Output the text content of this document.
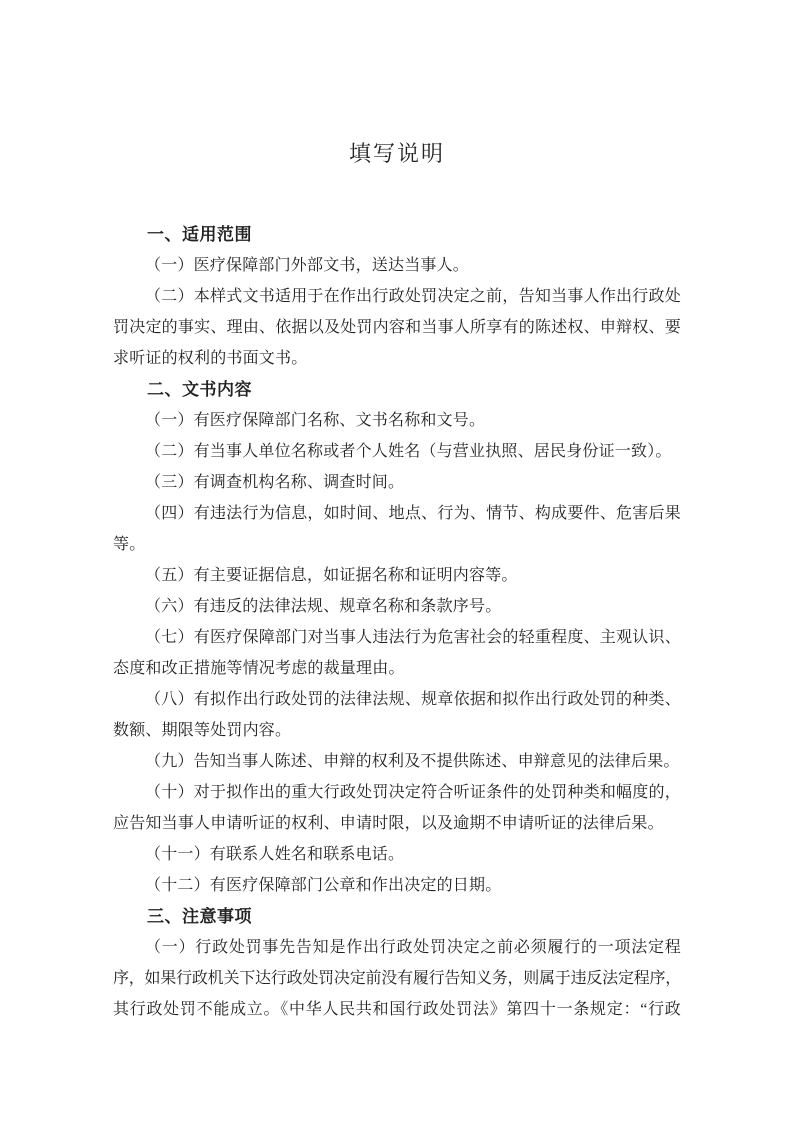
填写说明
一、适用范围

（一）医疗保障部门外部文书，送达当事人。

（二）本样式文书适用于在作出行政处罚决定之前，告知当事人作出行政处
罚决定的事实、理由、依据以及处罚内容和当事人所享有的陈述权、申辩权、要
求听证的权利的书面文书。

二、文书内容

（一）有医疗保障部门名称、文书名称和文号。

（二）有当事人单位名称或者个人姓名（与营业执照、居民身份证一致）。

（三）有调查机构名称、调查时间。

（四）有违法行为信息，如时间、地点、行为、情节、构成要件、危害后果
等。

（五）有主要证据信息，如证据名称和证明内容等。

（六）有违反的法律法规、规章名称和条款序号。

（七）有医疗保障部门对当事人违法行为危害社会的轻重程度、主观认识、
态度和改正措施等情况考虑的裁量理由。

（八）有拟作出行政处罚的法律法规、规章依据和拟作出行政处罚的种类、
数额、期限等处罚内容。

（九）告知当事人陈述、申辩的权利及不提供陈述、申辩意见的法律后果。

（十）对于拟作出的重大行政处罚决定符合听证条件的处罚种类和幅度的，
应告知当事人申请听证的权利、申请时限，以及逾期不申请听证的法律后果。

（十一）有联系人姓名和联系电话。

（十二）有医疗保障部门公章和作出决定的日期。

三、注意事项

（一）行政处罚事先告知是作出行政处罚决定之前必须履行的一项法定程
序，如果行政机关下达行政处罚决定前没有履行告知义务，则属于违反法定程序，
其行政处罚不能成立。《中华人民共和国行政处罚法》第四十一条规定：“行政
